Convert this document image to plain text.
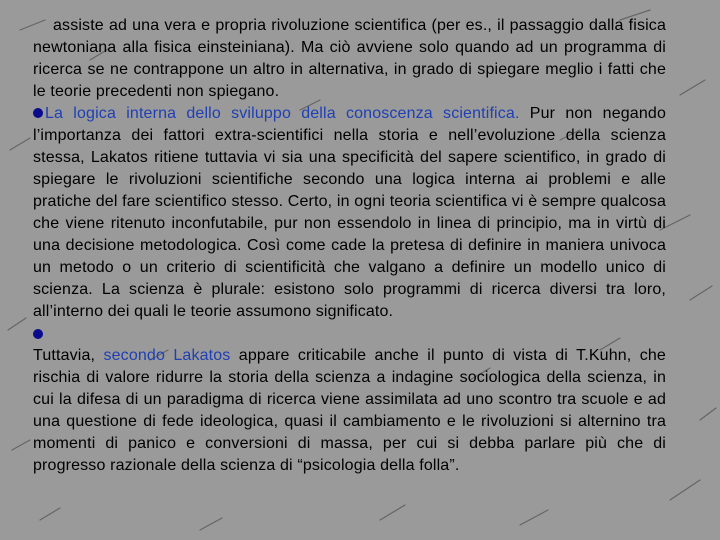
assiste ad una vera e propria rivoluzione scientifica (per es., il passaggio dalla fisica newtoniana alla fisica einsteiniana). Ma ciò avviene solo quando ad un programma di ricerca se ne contrappone un altro in alternativa, in grado di spiegare meglio i fatti che le teorie precedenti non spiegano.

La logica interna dello sviluppo della conoscenza scientifica. Pur non negando l’importanza dei fattori extra-scientifici nella storia e nell’evoluzione della scienza stessa, Lakatos ritiene tuttavia vi sia una specificità del sapere scientifico, in grado di spiegare le rivoluzioni scientifiche secondo una logica interna ai problemi e alle pratiche del fare scientifico stesso. Certo, in ogni teoria scientifica vi è sempre qualcosa che viene ritenuto inconfutabile, pur non essendolo in linea di principio, ma in virtù di una decisione metodologica. Così come cade la pretesa di definire in maniera univoca un metodo o un criterio di scientificità che valgano a definire un modello unico di scienza. La scienza è plurale: esistono solo programmi di ricerca diversi tra loro, all’interno dei quali le teorie assumono significato.

Tuttavia, secondo Lakatos appare criticabile anche il punto di vista di T.Kuhn, che rischia di valore ridurre la storia della scienza a indagine sociologica della scienza, in cui la difesa di un paradigma di ricerca viene assimilata ad uno scontro tra scuole e ad una questione di fede ideologica, quasi il cambiamento e le rivoluzioni si alternino tra momenti di panico e conversioni di massa, per cui si debba parlare più che di progresso razionale della scienza di “psicologia della folla”.
